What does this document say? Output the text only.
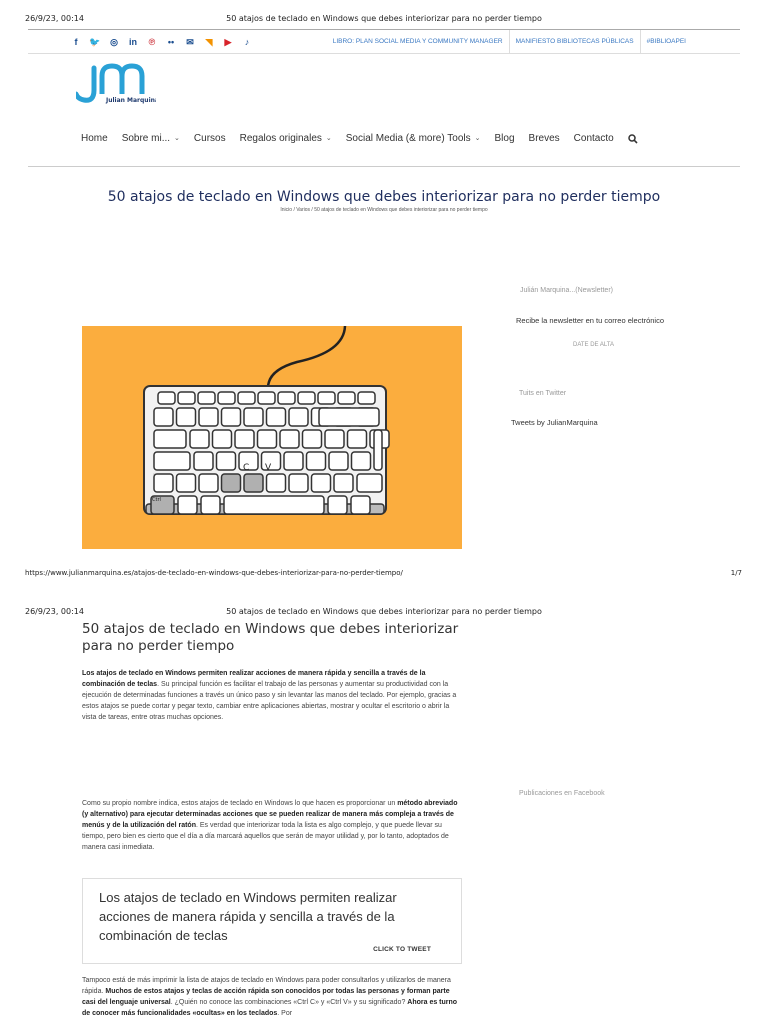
26/9/23, 00:14	50 atajos de teclado en Windows que debes interiorizar para no perder tiempo
f	🐦 ◎ in ℗	••	✉ ◥ ▶	♪	LIBRO: PLAN SOCIAL MEDIA Y COMMUNITY MANAGER	MANIFIESTO BIBLIOTECAS PÚBLICAS	#BIBLIOAPEI
Julian Marquina
Home Sobre mi... ⌄ Cursos Regalos originales ⌄ Social Media (& more) Tools ⌄ Blog Breves Contacto
50 atajos de teclado en Windows que debes interiorizar para no perder tiempo
Inicio / Varios / 50 atajos de teclado en Windows que debes interiorizar para no perder tiempo
Julián Marquina...(Newsletter)
Recibe la newsletter en tu correo electrónico
DATE DE ALTA
Tuits en Twitter
Tweets by JulianMarquina
C V
Ctrl
https://www.julianmarquina.es/atajos-de-teclado-en-windows-que-debes-interiorizar-para-no-perder-tiempo/	1/7
26/9/23, 00:14	50 atajos de teclado en Windows que debes interiorizar para no perder tiempo
50 atajos de teclado en Windows que debes interiorizar para no perder tiempo

Los atajos de teclado en Windows permiten realizar acciones de manera rápida y sencilla a través de la combinación de teclas. Su principal función es facilitar el trabajo de las personas y aumentar su productividad con la ejecución de determinadas funciones a través un único paso y sin levantar las manos del teclado. Por ejemplo, gracias a estos atajos se puede cortar y pegar texto, cambiar entre aplicaciones abiertas, mostrar y ocultar el escritorio o abrir la vista de tareas, entre otras muchas opciones.

Publicaciones en Facebook

Como su propio nombre indica, estos atajos de teclado en Windows lo que hacen es proporcionar un método abreviado (y alternativo) para ejecutar determinadas acciones que se pueden realizar de manera más compleja a través de menús y de la utilización del ratón. Es verdad que interiorizar toda la lista es algo complejo, y que puede llevar su tiempo, pero bien es cierto que el día a día marcará aquellos que serán de mayor utilidad y, por lo tanto, adoptados de manera casi inmediata.

Los atajos de teclado en Windows permiten realizar acciones de manera rápida y sencilla a través de la combinación de teclas
CLICK TO TWEET

Tampoco está de más imprimir la lista de atajos de teclado en Windows para poder consultarlos y utilizarlos de manera rápida. Muchos de estos atajos y teclas de acción rápida son conocidos por todas las personas y forman parte casi del lenguaje universal. ¿Quién no conoce las combinaciones «Ctrl C» y «Ctrl V» y su significado? Ahora es turno de conocer más funcionalidades «ocultas» en los teclados. Por
